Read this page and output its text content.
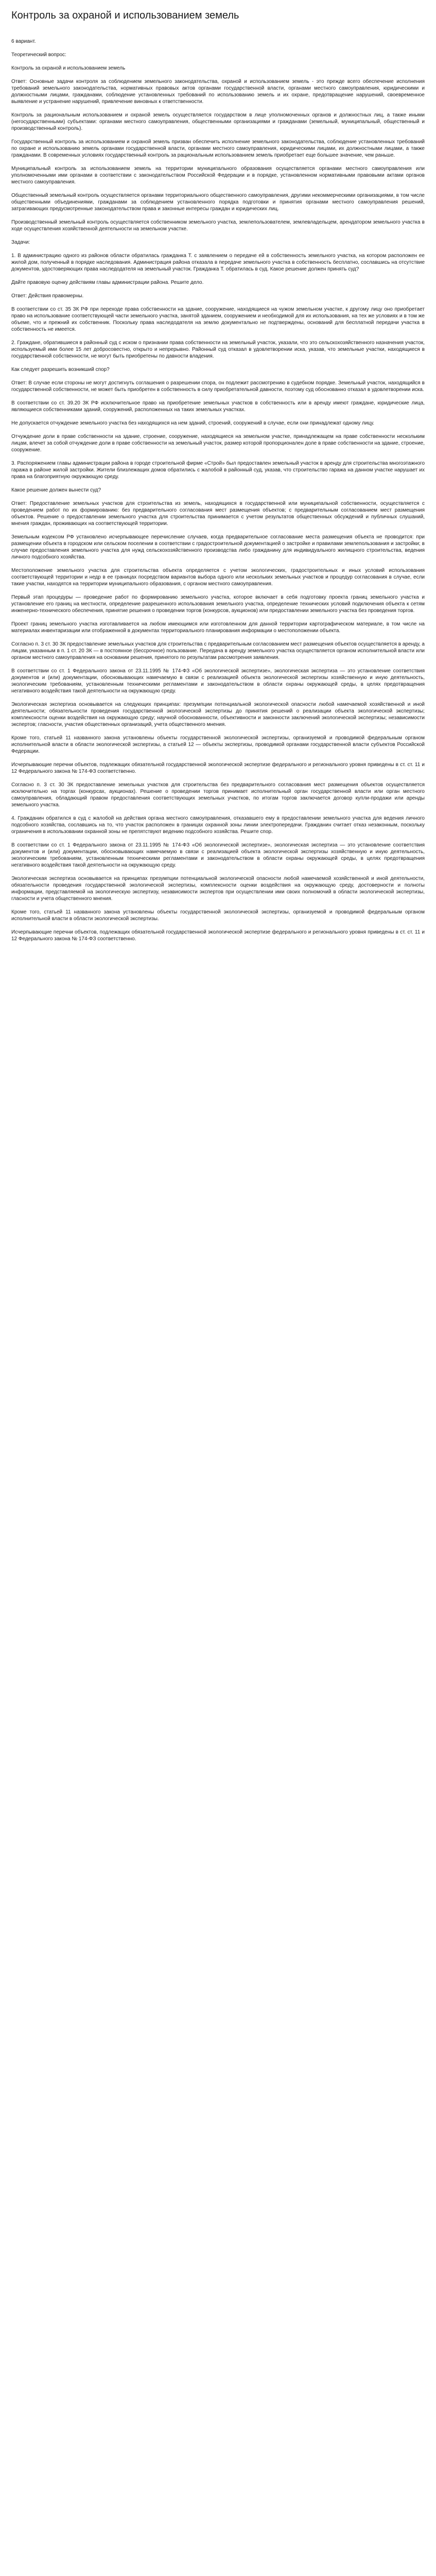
Контроль за охраной и использованием земель

6 вариант.

Теоретический вопрос:

Контроль за охраной и использованием земель

Ответ: Основные задачи контроля за соблюдением земельного законодательства, охраной и использованием земель - это прежде всего обеспечение исполнения требований земельного законодательства, нормативных правовых актов органами государственной власти, органами местного самоуправления, юридическими и должностными лицами, гражданами, соблюдение установленных требований по использованию земель и их охране, предотвращение нарушений, своевременное выявление и устранение нарушений, привлечение виновных к ответственности.

Контроль за рациональным использованием и охраной земель осуществляется государством в лице уполномоченных органов и должностных лиц, а также иными (негосударственными) субъектами: органами местного самоуправления, общественными организациями и гражданами (земельный, муниципальный, общественный и производственный контроль).

Государственный контроль за использованием и охраной земель призван обеспечить исполнение земельного законодательства, соблюдение установленных требований по охране и использованию земель органами государственной власти, органами местного самоуправления, юридическими лицами, их должностными лицами, а также гражданами. В современных условиях государственный контроль за рациональным использованием земель приобретает еще большее значение, чем раньше.

Муниципальный контроль за использованием земель на территории муниципального образования осуществляется органами местного самоуправления или уполномоченными ими органами в соответствии с законодательством Российской Федерации и в порядке, установленном нормативными правовыми актами органов местного самоуправления.

Общественный земельный контроль осуществляется органами территориального общественного самоуправления, другими некоммерческими организациями, в том числе общественными объединениями, гражданами за соблюдением установленного порядка подготовки и принятия органами местного самоуправления решений, затрагивающих предусмотренные законодательством права и законные интересы граждан и юридических лиц.

Производственный земельный контроль осуществляется собственником земельного участка, землепользователем, землевладельцем, арендатором земельного участка в ходе осуществления хозяйственной деятельности на земельном участке.

Задачи:

1. В администрацию одного из районов области обратилась гражданка Т. с заявлением о передаче ей в собственность земельного участка, на котором расположен ее жилой дом, полученный в порядке наследования. Администрация района отказала в передаче земельного участка в собственность бесплатно, сославшись на отсутствие документов, удостоверяющих права наследодателя на земельный участок. Гражданка Т. обратилась в суд. Какое решение должен принять суд?

Дайте правовую оценку действиям главы администрации района. Решите дело.

Ответ: Действия правомерны.

В соответствии со ст. 35 ЗК РФ при переходе права собственности на здание, сооружение, находящиеся на чужом земельном участке, к другому лицу оно приобретает право на использование соответствующей части земельного участка, занятой зданием, сооружением и необходимой для их использования, на тех же условиях и в том же объеме, что и прежний их собственник. Поскольку права наследодателя на землю документально не подтверждены, оснований для бесплатной передачи участка в собственность не имеется.

2. Граждане, обратившиеся в районный суд с иском о признании права собственности на земельный участок, указали, что это сельскохозяйственного назначения участок, используемый ими более 15 лет добросовестно, открыто и непрерывно. Районный суд отказал в удовлетворении иска, указав, что земельные участки, находящиеся в государственной собственности, не могут быть приобретены по давности владения.

Как следует разрешить возникший спор?

Ответ: В случае если стороны не могут достигнуть соглашения о разрешении спора, он подлежит рассмотрению в судебном порядке. Земельный участок, находящийся в государственной собственности, не может быть приобретен в собственность в силу приобретательной давности, поэтому суд обоснованно отказал в удовлетворении иска.

В соответствии со ст. 39.20 ЗК РФ исключительное право на приобретение земельных участков в собственность или в аренду имеют граждане, юридические лица, являющиеся собственниками зданий, сооружений, расположенных на таких земельных участках.

Не допускается отчуждение земельного участка без находящихся на нем зданий, строений, сооружений в случае, если они принадлежат одному лицу.

Отчуждение доли в праве собственности на здание, строение, сооружение, находящиеся на земельном участке, принадлежащем на праве собственности нескольким лицам, влечет за собой отчуждение доли в праве собственности на земельный участок, размер которой пропорционален доле в праве собственности на здание, строение, сооружение.

3. Распоряжением главы администрации района в городе строительной фирме «Строй» был предоставлен земельный участок в аренду для строительства многоэтажного гаража в районе жилой застройки. Жители близлежащих домов обратились с жалобой в районный суд, указав, что строительство гаража на данном участке нарушает их права на благоприятную окружающую среду.

Какое решение должен вынести суд?

Ответ: Предоставление земельных участков для строительства из земель, находящихся в государственной или муниципальной собственности, осуществляется с проведением работ по их формированию: без предварительного согласования мест размещения объектов; с предварительным согласованием мест размещения объектов. Решение о предоставлении земельного участка для строительства принимается с учетом результатов общественных обсуждений и публичных слушаний, мнения граждан, проживающих на соответствующей территории.

Земельным кодексом РФ установлено исчерпывающее перечисление случаев, когда предварительное согласование места размещения объекта не проводится: при размещении объекта в городском или сельском поселении в соответствии с градостроительной документацией о застройке и правилами землепользования и застройки; в случае предоставления земельного участка для нужд сельскохозяйственного производства либо гражданину для индивидуального жилищного строительства, ведения личного подсобного хозяйства.

Местоположение земельного участка для строительства объекта определяется с учетом экологических, градостроительных и иных условий использования соответствующей территории и недр в ее границах посредством вариантов выбора одного или нескольких земельных участков и процедур согласования в случае, если такие участки, находятся на территории муниципального образования, с органом местного самоуправления.

Первый этап процедуры — проведение работ по формированию земельного участка, которое включает в себя подготовку проекта границ земельного участка и установление его границ на местности, определение разрешенного использования земельного участка, определение технических условий подключения объекта к сетям инженерно-технического обеспечения, принятие решения о проведении торгов (конкурсов, аукционов) или предоставлении земельного участка без проведения торгов.

Проект границ земельного участка изготавливается на любом имеющимся или изготовленном для данной территории картографическом материале, в том числе на материалах инвентаризации или отображенной в документах территориального планирования информации о местоположении объекта.

Согласно п. 3 ст. 30 ЗК предоставление земельных участков для строительства с предварительным согласованием мест размещения объектов осуществляется в аренду, а лицам, указанным в п. 1 ст. 20 ЗК — в постоянное (бессрочное) пользование. Передача в аренду земельного участка осуществляется органом исполнительной власти или органом местного самоуправления на основании решения, принятого по результатам рассмотрения заявления.

В соответствии со ст. 1 Федерального закона от 23.11.1995 № 174-ФЗ «Об экологической экспертизе», экологическая экспертиза — это установление соответствия документов и (или) документации, обосновывающих намечаемую в связи с реализацией объекта экологической экспертизы хозяйственную и иную деятельность, экологическим требованиям, установленным техническими регламентами и законодательством в области охраны окружающей среды, в целях предотвращения негативного воздействия такой деятельности на окружающую среду.

Экологическая экспертиза основывается на следующих принципах: презумпции потенциальной экологической опасности любой намечаемой хозяйственной и иной деятельности; обязательности проведения государственной экологической экспертизы до принятия решений о реализации объекта экологической экспертизы; комплексности оценки воздействия на окружающую среду; научной обоснованности, объективности и законности заключений экологической экспертизы; независимости экспертов; гласности, участия общественных организаций, учета общественного мнения.

Кроме того, статьей 11 названного закона установлены объекты государственной экологической экспертизы, организуемой и проводимой федеральным органом исполнительной власти в области экологической экспертизы, а статьей 12 — объекты экспертизы, проводимой органами государственной власти субъектов Российской Федерации.

Исчерпывающие перечни объектов, подлежащих обязательной государственной экологической экспертизе федерального и регионального уровня приведены в ст. ст. 11 и 12 Федерального закона № 174-ФЗ соответственно.

Согласно п. 3 ст. 30 ЗК предоставление земельных участков для строительства без предварительного согласования мест размещения объектов осуществляется исключительно на торгах (конкурсах, аукционах). Решение о проведении торгов принимает исполнительный орган государственной власти или орган местного самоуправления, обладающий правом предоставления соответствующих земельных участков, по итогам торгов заключается договор купли-продажи или аренды земельного участка.

4. Гражданин обратился в суд с жалобой на действия органа местного самоуправления, отказавшего ему в предоставлении земельного участка для ведения личного подсобного хозяйства, сославшись на то, что участок расположен в границах охранной зоны линии электропередачи. Гражданин считает отказ незаконным, поскольку ограничения в использовании охранной зоны не препятствуют ведению подсобного хозяйства. Решите спор.

В соответствии со ст. 1 Федерального закона от 23.11.1995 № 174-ФЗ «Об экологической экспертизе», экологическая экспертиза — это установление соответствия документов и (или) документации, обосновывающих намечаемую в связи с реализацией объекта экологической экспертизы хозяйственную и иную деятельность, экологическим требованиям, установленным техническими регламентами и законодательством в области охраны окружающей среды, в целях предотвращения негативного воздействия такой деятельности на окружающую среду.

Экологическая экспертиза основывается на принципах презумпции потенциальной экологической опасности любой намечаемой хозяйственной и иной деятельности, обязательности проведения государственной экологической экспертизы, комплексности оценки воздействия на окружающую среду, достоверности и полноты информации, представляемой на экологическую экспертизу, независимости экспертов при осуществлении ими своих полномочий в области экологической экспертизы, гласности и учета общественного мнения.

Кроме того, статьей 11 названного закона установлены объекты государственной экологической экспертизы, организуемой и проводимой федеральным органом исполнительной власти в области экологической экспертизы.

Исчерпывающие перечни объектов, подлежащих обязательной государственной экологической экспертизе федерального и регионального уровня приведены в ст. ст. 11 и 12 Федерального закона № 174-ФЗ соответственно.
